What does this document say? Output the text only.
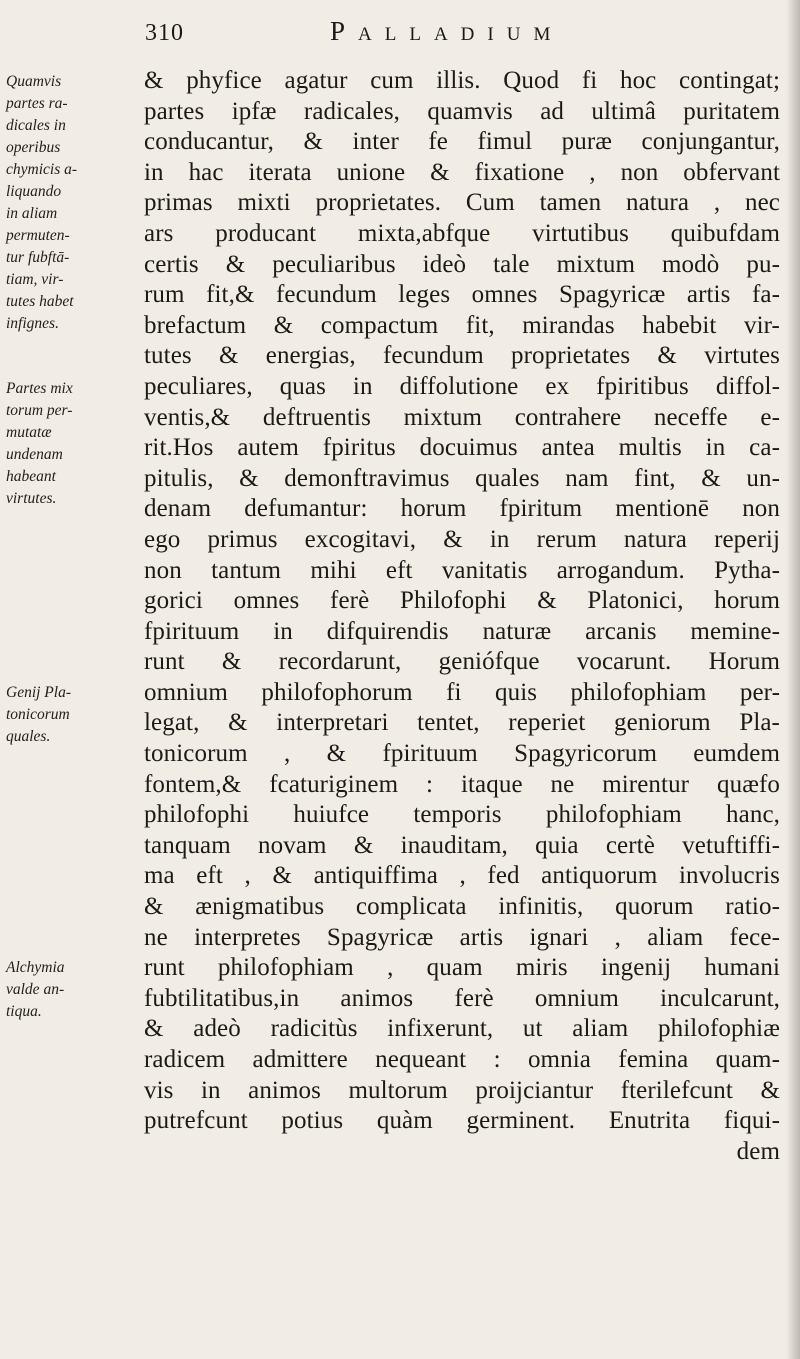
310	Palladium
& phyfice agatur cum illis. Quod fi hoc contingat;
partes ipfæ radicales, quamvis ad ultimâ puritatem
conducantur, & inter fe fimul puræ conjungantur,
in hac iterata unione & fixatione , non obfervant
primas mixti proprietates. Cum tamen natura , nec
ars producant mixta,abfque virtutibus quibufdam
certis & peculiaribus ideò tale mixtum modò pu-
rum fit,& fecundum leges omnes Spagyricæ artis fa-
brefactum & compactum fit, mirandas habebit vir-
tutes & energias, fecundum proprietates & virtutes
peculiares, quas in diffolutione ex fpiritibus diffol-
ventis,& deftruentis mixtum contrahere neceffe e-
rit.Hos autem fpiritus docuimus antea multis in ca-
pitulis, & demonftravimus quales nam fint, & un-
denam defumantur: horum fpiritum mentionē non
ego primus excogitavi, & in rerum natura reperij
non tantum mihi eft vanitatis arrogandum. Pytha-
gorici omnes ferè Philofophi & Platonici, horum
fpirituum in difquirendis naturæ arcanis memine-
runt & recordarunt, geniófque vocarunt. Horum
omnium philofophorum fi quis philofophiam per-
legat, & interpretari tentet, reperiet geniorum Pla-
tonicorum , & fpirituum Spagyricorum eumdem
fontem,& fcaturiginem : itaque ne mirentur quæfo
philofophi huiufce temporis philofophiam hanc,
tanquam novam & inauditam, quia certè vetuftiffi-
ma eft , & antiquiffima , fed antiquorum involucris
& ænigmatibus complicata infinitis, quorum ratio-
ne interpretes Spagyricæ artis ignari , aliam fece-
runt philofophiam , quam miris ingenij humani
fubtilitatibus,in animos ferè omnium inculcarunt,
& adeò radicitùs infixerunt, ut aliam philofophiæ
radicem admittere nequeant : omnia femina quam-
vis in animos multorum proijciantur fterilefcunt &
putrefcunt potius quàm germinent. Enutrita fiqui-
dem
Quamvis
partes ra-
dicales in
operibus
chymicis a-
liquando
in aliam
permuten-
tur fubftā-
tiam, vir-
tutes habet
infignes.
Partes mix
torum per-
mutatæ
undenam
habeant
virtutes.
Genij Pla-
tonicorum
quales.
Alchymia
valde an-
tiqua.
